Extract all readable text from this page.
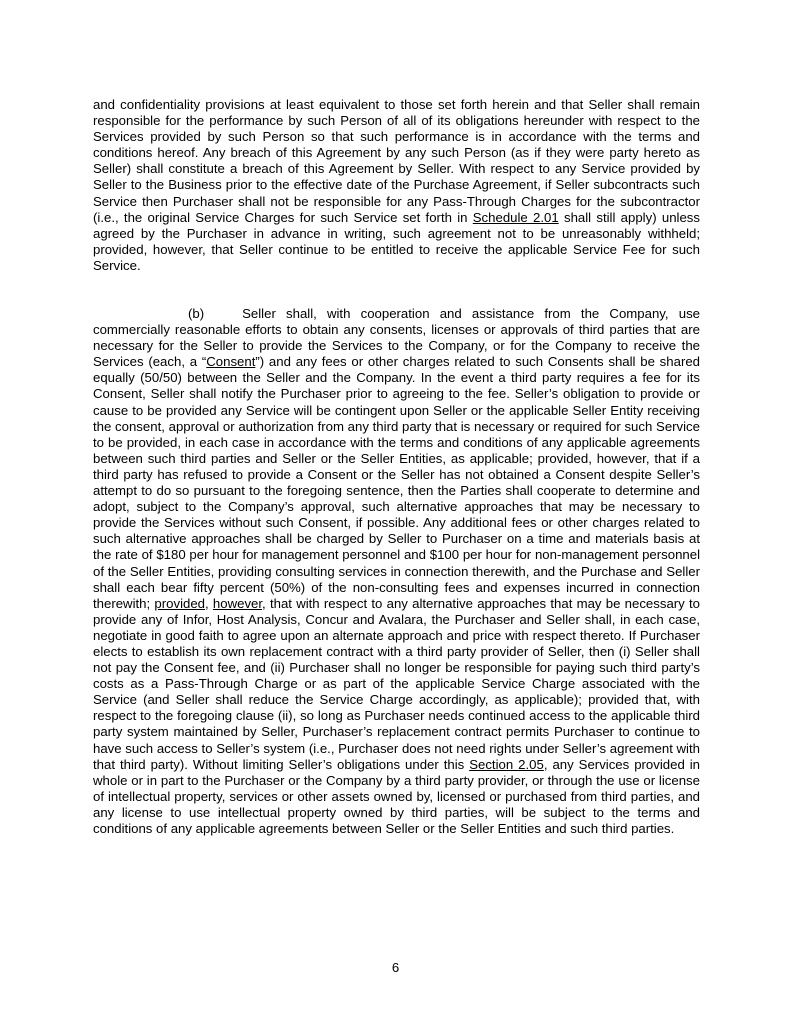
and confidentiality provisions at least equivalent to those set forth herein and that Seller shall remain responsible for the performance by such Person of all of its obligations hereunder with respect to the Services provided by such Person so that such performance is in accordance with the terms and conditions hereof. Any breach of this Agreement by any such Person (as if they were party hereto as Seller) shall constitute a breach of this Agreement by Seller. With respect to any Service provided by Seller to the Business prior to the effective date of the Purchase Agreement, if Seller subcontracts such Service then Purchaser shall not be responsible for any Pass-Through Charges for the subcontractor (i.e., the original Service Charges for such Service set forth in Schedule 2.01 shall still apply) unless agreed by the Purchaser in advance in writing, such agreement not to be unreasonably withheld; provided, however, that Seller continue to be entitled to receive the applicable Service Fee for such Service.
(b)	Seller shall, with cooperation and assistance from the Company, use commercially reasonable efforts to obtain any consents, licenses or approvals of third parties that are necessary for the Seller to provide the Services to the Company, or for the Company to receive the Services (each, a “Consent”) and any fees or other charges related to such Consents shall be shared equally (50/50) between the Seller and the Company. In the event a third party requires a fee for its Consent, Seller shall notify the Purchaser prior to agreeing to the fee. Seller’s obligation to provide or cause to be provided any Service will be contingent upon Seller or the applicable Seller Entity receiving the consent, approval or authorization from any third party that is necessary or required for such Service to be provided, in each case in accordance with the terms and conditions of any applicable agreements between such third parties and Seller or the Seller Entities, as applicable; provided, however, that if a third party has refused to provide a Consent or the Seller has not obtained a Consent despite Seller’s attempt to do so pursuant to the foregoing sentence, then the Parties shall cooperate to determine and adopt, subject to the Company’s approval, such alternative approaches that may be necessary to provide the Services without such Consent, if possible. Any additional fees or other charges related to such alternative approaches shall be charged by Seller to Purchaser on a time and materials basis at the rate of $180 per hour for management personnel and $100 per hour for non-management personnel of the Seller Entities, providing consulting services in connection therewith, and the Purchase and Seller shall each bear fifty percent (50%) of the non-consulting fees and expenses incurred in connection therewith; provided, however, that with respect to any alternative approaches that may be necessary to provide any of Infor, Host Analysis, Concur and Avalara, the Purchaser and Seller shall, in each case, negotiate in good faith to agree upon an alternate approach and price with respect thereto. If Purchaser elects to establish its own replacement contract with a third party provider of Seller, then (i) Seller shall not pay the Consent fee, and (ii) Purchaser shall no longer be responsible for paying such third party’s costs as a Pass-Through Charge or as part of the applicable Service Charge associated with the Service (and Seller shall reduce the Service Charge accordingly, as applicable); provided that, with respect to the foregoing clause (ii), so long as Purchaser needs continued access to the applicable third party system maintained by Seller, Purchaser’s replacement contract permits Purchaser to continue to have such access to Seller’s system (i.e., Purchaser does not need rights under Seller’s agreement with that third party). Without limiting Seller’s obligations under this Section 2.05, any Services provided in whole or in part to the Purchaser or the Company by a third party provider, or through the use or license of intellectual property, services or other assets owned by, licensed or purchased from third parties, and any license to use intellectual property owned by third parties, will be subject to the terms and conditions of any applicable agreements between Seller or the Seller Entities and such third parties.
6
